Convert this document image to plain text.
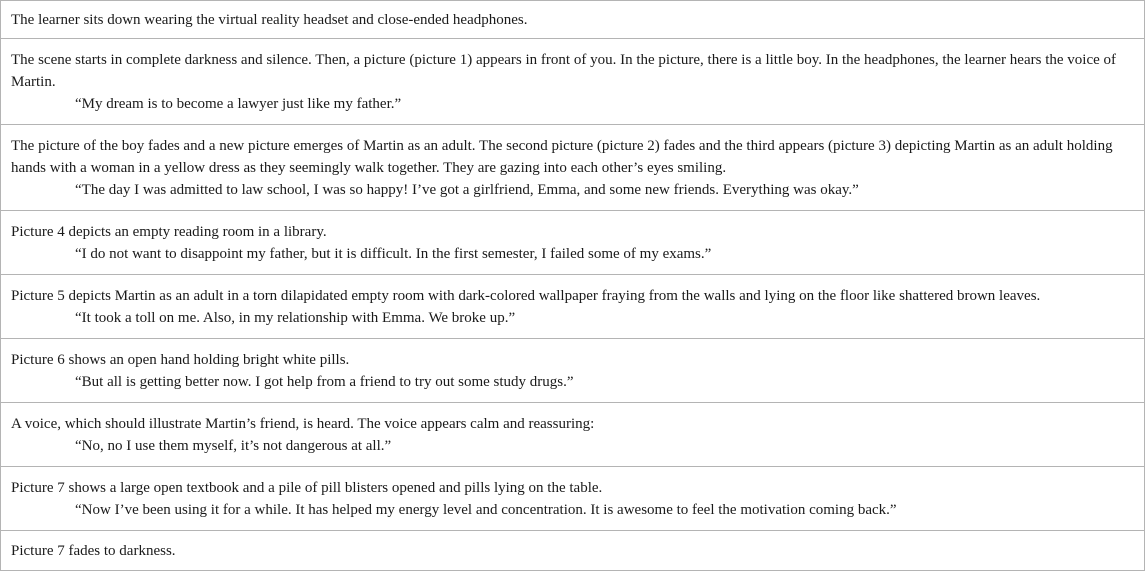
The learner sits down wearing the virtual reality headset and close-ended headphones.
The scene starts in complete darkness and silence. Then, a picture (picture 1) appears in front of you. In the picture, there is a little boy. In the headphones, the learner hears the voice of Martin.
“My dream is to become a lawyer just like my father.”
The picture of the boy fades and a new picture emerges of Martin as an adult. The second picture (picture 2) fades and the third appears (picture 3) depicting Martin as an adult holding hands with a woman in a yellow dress as they seemingly walk together. They are gazing into each other’s eyes smiling.
“The day I was admitted to law school, I was so happy! I’ve got a girlfriend, Emma, and some new friends. Everything was okay.”
Picture 4 depicts an empty reading room in a library.
“I do not want to disappoint my father, but it is difficult. In the first semester, I failed some of my exams.”
Picture 5 depicts Martin as an adult in a torn dilapidated empty room with dark-colored wallpaper fraying from the walls and lying on the floor like shattered brown leaves.
“It took a toll on me. Also, in my relationship with Emma. We broke up.”
Picture 6 shows an open hand holding bright white pills.
“But all is getting better now. I got help from a friend to try out some study drugs.”
A voice, which should illustrate Martin’s friend, is heard. The voice appears calm and reassuring:
“No, no I use them myself, it’s not dangerous at all.”
Picture 7 shows a large open textbook and a pile of pill blisters opened and pills lying on the table.
“Now I’ve been using it for a while. It has helped my energy level and concentration. It is awesome to feel the motivation coming back.”
Picture 7 fades to darkness.
